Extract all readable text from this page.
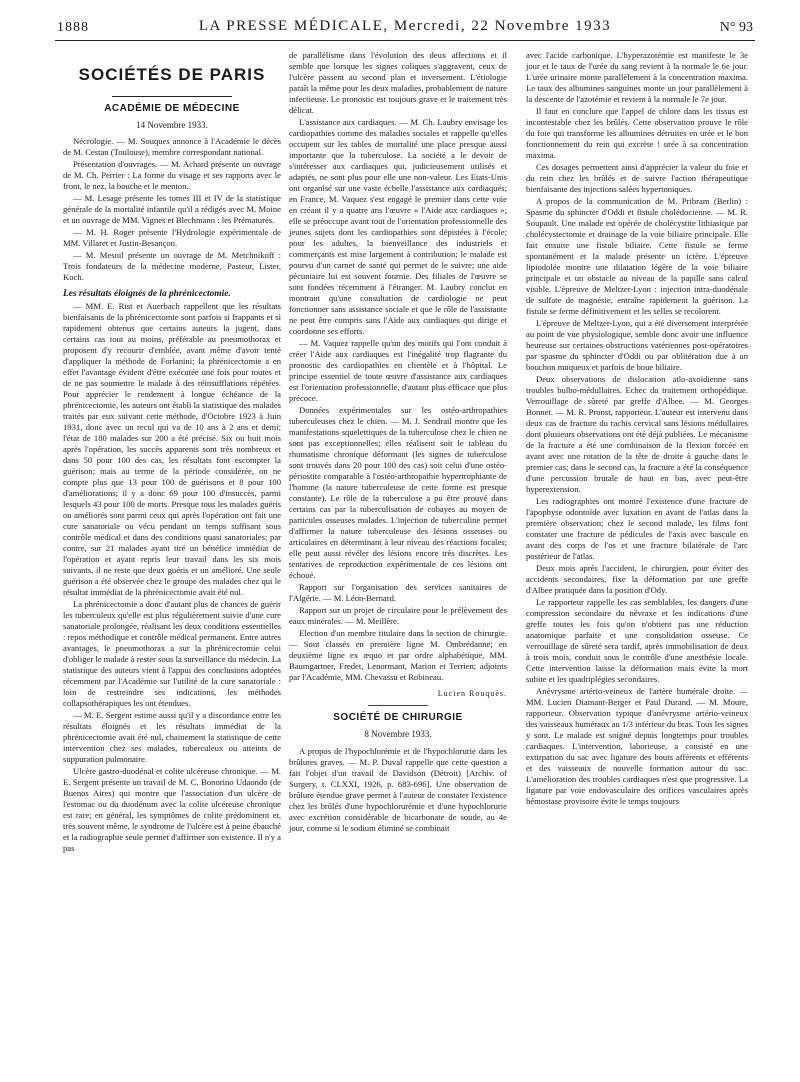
1888	LA PRESSE MÉDICALE, Mercredi, 22 Novembre 1933	N° 93
SOCIÉTÉS DE PARIS
ACADÉMIE DE MÉDECINE
14 Novembre 1933.

Nécrologie. — M. Souques annonce à l'Académie le décès de M. Cestan (Toulouse), membre correspondant national.

Présentation d'ouvrages. — M. Achard présente un ouvrage de M. Ch. Perrier : La forme du visage et ses rapports avec le front, le nez, la bouche et le menton.

— M. Lesage présente les tomes III et IV de la statistique générale de la mortalité infantile qu'il a rédigés avec M. Moine et un ouvrage de MM. Vignes et Blechmann : les Prématurés.

— M. H. Roger présente l'Hydrologie expérimentale de MM. Villaret et Justin-Besançon.

— M. Mesnil présente un ouvrage de M. Metchnikoff : Trois fondateurs de la médecine moderne, Pasteur, Lister, Koch.

Les résultats éloignés de la phrénicectomie.

— MM. E. Rist et Auerbach rappellent que les résultats bienfaisants de la phrénicectomie sont parfois si frappants et si rapidement obtenus que certains auteurs la jugent, dans certains cas tout au moins, préférable au pneumothorax et proposent d'y recourir d'emblée, avant même d'avoir tenté d'appliquer la méthode de Forlanini; la phrénicectomie a en effet l'avantage évident d'être exécutée une fois pour toutes et de ne pas soumettre le malade à des réinsufflations répétées. Pour apprécier le rendement à longue échéance de la phrénicectomie, les auteurs ont établi la statistique des malades traités par eux suivant cette méthode, d'Octobre 1923 à Juin 1931, donc avec un recul qui va de 10 ans à 2 ans et demi; l'état de 180 malades sur 200 a été précisé. Six ou huit mois après l'opération, les succès apparents sont très nombreux et dans 50 pour 100 des cas, les résultats font escompter la guérison; mais au terme de la période considérée, on ne compte plus que 13 pour 100 de guérisons et 8 pour 100 d'améliorations; il y a donc 69 pour 100 d'insuccès, parmi lesquels 43 pour 100 de morts. Presque tous les malades guéris ou améliorés sont parmi ceux qui après l'opération ont fait une cure sanatoriale ou vécu pendant un temps suffisant sous contrôle médical et dans des conditions quasi sanatoriales; par contre, sur 21 malades ayant tiré un bénéfice immédiat de l'opération et ayant repris leur travail dans les six mois suivants, il ne reste que deux guéris et un amélioré. Une seule guérison a été observée chez le groupe des malades chez qui le résultat immédiat de la phrénicectomie avait été nul.

La phrénicectomie a donc d'autant plus de chances de guérir les tuberculeux qu'elle est plus régulièrement suivie d'une cure sanatoriale prolongée, réalisant les deux conditions essentielles : repos méthodique et contrôle médical permanent. Entre autres avantages, le pneumothorax a sur la phrénicectomie celui d'obliger le malade à rester sous la surveillance du médecin. La statistique des auteurs vient à l'appui des conclusions adoptées récemment par l'Académie sur l'utilité de la cure sanatoriale : loin de restreindre ses indications, les méthodes collapsothérapiques les ont étendues.

— M. E. Sergent estime aussi qu'il y a discordance entre les résultats éloignés et les résultats immédiat de la phrénicectomie avait été nul, chainement la statistique de cette intervention chez ses malades, tuberculeux ou atteints de suppuration pulmonaire.

Ulcère gastro-duodénal et colite ulcéreuse chronique. — M. E. Sergent présente un travail de M. C. Bonorino Udaondo (de Buenos Aires) qui montre que l'association d'un ulcère de l'estomac ou du duodénum avec la colite ulcéreuse chronique est rare; en général, les symptômes de colite prédominent et, très souvent même, le syndrome de l'ulcère est à peine ébauché et la radiographie seule permet d'affirmer son existence. Il n'y a pas

de parallélisme dans l'évolution des deux affections et il semble que lorsque les signes coliques s'aggravent, ceux de l'ulcère passent au second plan et inversement. L'étiologie paraît la même pour les deux maladies, probablement de nature infectieuse. Le pronostic est toujours grave et le traitement très délicat.

L'assistance aux cardiaques. — M. Ch. Laubry envisage les cardiopathies comme des maladies sociales et rappelle qu'elles occupent sur les tables de mortalité une place presque aussi importante que la tuberculose. La société a le devoir de s'intéresser aux cardiaques qui, judicieusement utilisés et adaptés, ne sont plus pour elle une non-valeur. Les Etats-Unis ont organisé sur une vaste échelle l'assistance aux cardiaques; en France, M. Vaquez s'est engagé le premier dans cette voie en créant il y a quatre ans l'œuvre « l'Aide aux cardiaques »; elle se préoccupe avant tout de l'orientation professionnelle des jeunes sujets dont les cardiopathies sont dépistées à l'école; pour les adultes, la bienveillance des industriels et commerçants est mise largement à contribution; le malade est pourvu d'un carnet de santé qui permet de le suivre; une aide pécuniaire lui est souvent fournie. Des filiales de l'œuvre se sont fondées récemment à l'étranger. M. Laubry conclut en montrant qu'une consultation de cardiologie ne peut fonctionner sans assistance sociale et que le rôle de l'assistante ne peut être compris sans l'Aide aux cardiaques qui dirige et coordonne ses efforts.

— M. Vaquez rappelle qu'un des motifs qui l'ont conduit à créer l'Aide aux cardiaques est l'inégalité trop flagrante du pronostic des cardiopathies en clientèle et à l'hôpital. Le principe essentiel de toute œuvre d'assistance aux cardiaques est l'orientation professionnelle, d'autant plus efficace que plus précoce.

Données expérimentales sur les ostéo-arthropathies tuberculeuses chez le chien. — M. J. Sendrail montre que les manifestations squelettiques de la tuberculose chez le chien ne sont pas exceptionnelles; elles réalisent soit le tableau du rhumatisme chronique déformant (les signes de tuberculose sont trouvés dans 20 pour 100 des cas) soit celui d'une ostéo-périostite comparable à l'ostéo-arthropathie hypertrophiante de l'homme (la nature tuberculeuse de cette forme est presque constante). Le rôle de la tuberculose a pu être prouvé dans certains cas par la tuberculisation de cobayes au moyen de particules osseuses malades. L'injection de tuberculine permet d'affirmer la nature tuberculeuse des lésions osseuses ou articulaires en déterminant à leur niveau des réactions focales; elle peut aussi révéler des lésions encore très discrètes. Les tentatives de reproduction expérimentale de ces lésions ont échoué.

Rapport sur l'organisation des services sanitaires de l'Algérie. — M. Léon-Bernard.

Rapport sur un projet de circulaire pour le prélèvement des eaux minérales. — M. Meillère.

Election d'un membre titulaire dans la section de chirurgie. — Sont classés en première ligne M. Ombrédanne; en deuxième ligne ex æquo et par ordre alphabétique, MM. Baumgartner, Fredet, Lenormant, Marion et Terrien; adjoints par l'Académie, MM. Chevassu et Robineau.

Lucien Rouquès.

SOCIÉTÉ DE CHIRURGIE
8 Novembre 1933.

A propos de l'hypochlorémie et de l'hypochlorurie dans les brûlures graves. — M. P. Duval rappelle que cette question a fait l'objet d'un travail de Davidson (Détroit) [Archiv. of Surgery, t. CLXXI, 1926, p. 683-696]. Une observation de brûlure étendue grave permet à l'auteur de constater l'existence chez les brûlés d'une hypochlorurémie et d'une hypochlorurie avec excrétion considérable de bicarbonate de soude, au 4e jour, comme si le sodium éliminé se combinait

avec l'acide carbonique. L'hyperazotémie est manifeste le 3e jour et le taux de l'urée du sang revient à la normale le 6e jour. L'urée urinaire monte parallèlement à la concentration maxima. Le taux des albumines sanguines monte un jour parallèlement à la descente de l'azotémie et revient à la normale le 7e jour.

Il faut en conclure que l'appel de chlore dans les tissus est incontestable chez les brûlés. Cette observation prouve le rôle du foie qui transforme les albumines détruites en urée et le bon fonctionnement du rein qui excrète ! urée à sa concentration maxima.

Ces dosages permettent ainsi d'apprécier la valeur du foie et du rein chez les brûlés et de suivre l'action thérapeutique bienfaisante des injections salées hypertoniques.

A propos de la communication de M. Pribram (Berlin) : Spasme du sphincter d'Oddi et fistule cholédocienne. — M. R. Soupault. Une malade est opérée de cholécystite lithiasique par cholécystectomie et drainage de la voie biliaire principale. Elle fait ensuite une fistule biliaire. Cette fistule se ferme spontanément et la malade présente un ictère. L'épreuve lipiodolée montre une dilatation légère de la voie biliaire principale et un obstacle au niveau de la papille sans calcul visible. L'épreuve de Meltzer-Lyon : injection intra-duodénale de sulfate de magnésie, entraîne rapidement la guérison. La fistule se ferme définitivement et les selles se recolorent.

L'épreuve de Meltzer-Lyon, qui a été diversement interprétée au point de vue physiologique, semble donc avoir une influence heureuse sur certaines obstructions vatériennes post-opératoires par spasme du sphincter d'Oddi ou par oblitération due à un bouchon muqueux et parfois de boue biliaire.

Deux observations de dislocation atlo-axoïdienne sans troubles bulbo-médullaires. Echec du traitement orthopédique. Verrouillage de sûreté par greffe d'Albee. — M. Georges Bonnet. — M. R. Pronst, rapporteur. L'auteur est intervenu dans deux cas de fracture du rachis cervical sans lésions médullaires dont plusieurs observations ont été déjà publiées. Le mécanisme de la fracture a été une combinaison de la flexion forcée en avant avec une rotation de la tête de droite à gauche dans le premier cas; dans le second cas, la fracture a été la conséquence d'une percussion brutale de haut en bas, avec peut-être hyperextension.

Les radiographies ont montré l'existence d'une fracture de l'apophyse odontoïde avec luxation en avant de l'atlas dans la première observation; chez le second malade, les films font constater une fracture de pédicules de l'axis avec bascule en avant des corps de l'os et une fracture bilatérale de l'arc postérieur de l'atlas.

Deux mois après l'accident, le chirurgien, pour éviter des accidents secondaires, fixe la déformation par une greffe d'Albee pratiquée dans la position d'Ody.

Le rapporteur rappelle les cas semblables, les dangers d'une compression secondaire du névraxe et les indications d'une greffe toutes les fois qu'on n'obtient pas une réduction anatomique parfaite et une consolidation osseuse. Ce verrouillage de sûreté sera tardif, après immobilisation de deux à trois mois, conduit sous le contrôle d'une anesthésie locale. Cette intervention laisse la déformation mais évite la mort subite et les quadriplégies secondaires.

Anévrysme artério-veineux de l'artère humérale droite. — MM. Lucien Diamant-Berger et Paul Durand. — M. Moure, rapporteur. Observation typique d'anévrysme artério-veineux des vaisseaux huméraux au 1/3 inférieur du bras. Tous les signes y sont. Le malade est soigné depuis longtemps pour troubles cardiaques. L'intervention, laborieuse, a consisté en une extirpation du sac avec ligature des bouts afférents et efférents et des vaisseaux de nouvelle formation autour du sac. L'amélioration des troubles cardiaques n'est que progressive. La ligature par voie endovasculaire des orifices vasculaires après hémostase provisoire évite le temps toujours
